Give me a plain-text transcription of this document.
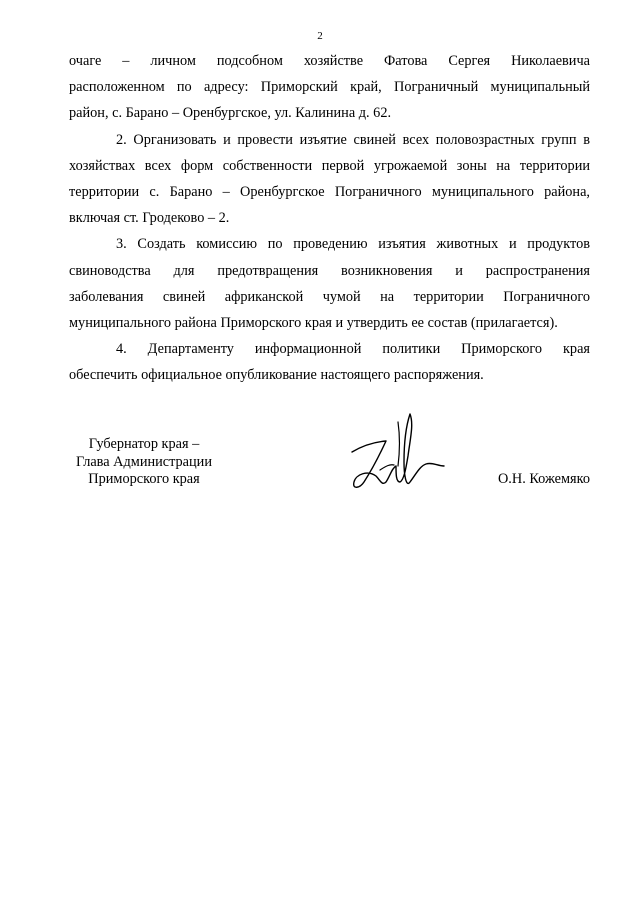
2
очаге – личном подсобном хозяйстве Фатова Сергея Николаевича
расположенном по адресу: Приморский край, Пограничный муниципальный
район, с. Барано – Оренбургское, ул. Калинина д. 62.
2. Организовать и провести изъятие свиней всех половозрастных групп в
хозяйствах всех форм собственности первой угрожаемой зоны на территории
территории с. Барано – Оренбургское Пограничного муниципального района,
включая ст. Гродеково – 2.
3. Создать комиссию по проведению изъятия животных и продуктов
свиноводства для предотвращения возникновения и распространения
заболевания свиней африканской чумой на территории Пограничного
муниципального района Приморского края и утвердить ее состав (прилагается).
4. Департаменту информационной политики Приморского края
обеспечить официальное опубликование настоящего распоряжения.
Губернатор края –
Глава Администрации
Приморского края	О.Н. Кожемяко
